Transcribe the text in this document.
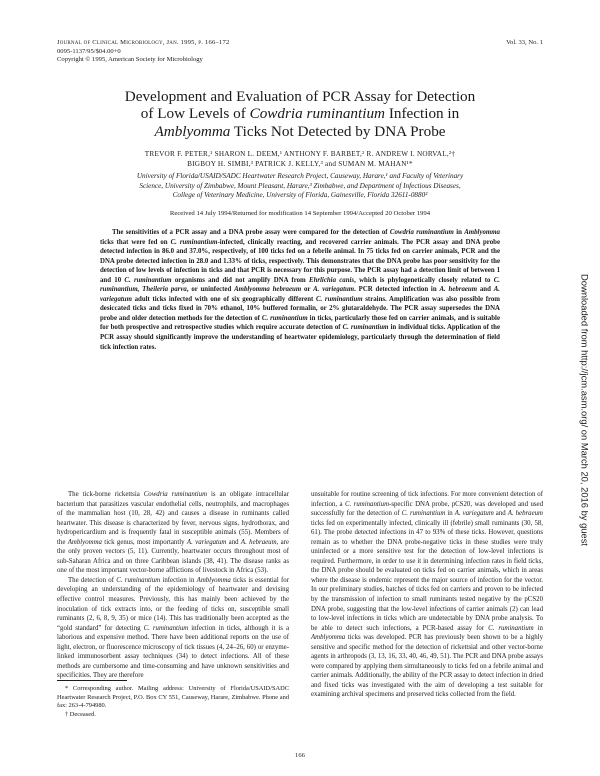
Journal of Clinical Microbiology, Jan. 1995, p. 166–172
0095-1137/95/$04.00+0
Copyright © 1995, American Society for Microbiology
Vol. 33, No. 1
Development and Evaluation of PCR Assay for Detection
of Low Levels of Cowdria ruminantium Infection in
Amblyomma Ticks Not Detected by DNA Probe
TREVOR F. PETER,¹ SHARON L. DEEM,¹ ANTHONY F. BARBET,² R. ANDREW I. NORVAL,²†
BIGBOY H. SIMBI,³ PATRICK J. KELLY,³ and SUMAN M. MAHAN¹*
University of Florida/USAID/SADC Heartwater Research Project, Causeway, Harare,¹ and Faculty of Veterinary
Science, University of Zimbabwe, Mount Pleasant, Harare,³ Zimbabwe, and Department of Infectious Diseases,
College of Veterinary Medicine, University of Florida, Gainesville, Florida 32611-0880²
Received 14 July 1994/Returned for modification 14 September 1994/Accepted 20 October 1994

The sensitivities of a PCR assay and a DNA probe assay were compared for the detection of Cowdria ruminantium in Amblyomma ticks that were fed on C. ruminantium-infected, clinically reacting, and recovered carrier animals. The PCR assay and DNA probe detected infection in 86.0 and 37.0%, respectively, of 100 ticks fed on a febrile animal. In 75 ticks fed on carrier animals, PCR and the DNA probe detected infection in 28.0 and 1.33% of ticks, respectively. This demonstrates that the DNA probe has poor sensitivity for the detection of low levels of infection in ticks and that PCR is necessary for this purpose. The PCR assay had a detection limit of between 1 and 10 C. ruminantium organisms and did not amplify DNA from Ehrlichia canis, which is phylogenetically closely related to C. ruminantium, Theileria parva, or uninfected Amblyomma hebraeum or A. variegatum. PCR detected infection in A. hebraeum and A. variegatum adult ticks infected with one of six geographically different C. ruminantium strains. Amplification was also possible from desiccated ticks and ticks fixed in 70% ethanol, 10% buffered formalin, or 2% glutaraldehyde. The PCR assay supersedes the DNA probe and older detection methods for the detection of C. ruminantium in ticks, particularly those fed on carrier animals, and is suitable for both prospective and retrospective studies which require accurate detection of C. ruminantium in individual ticks. Application of the PCR assay should significantly improve the understanding of heartwater epidemiology, particularly through the determination of field tick infection rates.

The tick-borne rickettsia Cowdria ruminantium is an obligate intracellular bacterium that parasitizes vascular endothelial cells, neutrophils, and macrophages of the mammalian host (10, 28, 42) and causes a disease in ruminants called heartwater. This disease is characterized by fever, nervous signs, hydrothorax, and hydropericardium and is frequently fatal in susceptible animals (55). Members of the Amblyomma tick genus, most importantly A. variegatum and A. hebraeum, are the only proven vectors (5, 11). Currently, heartwater occurs throughout most of sub-Saharan Africa and on three Caribbean islands (38, 41). The disease ranks as one of the most important vector-borne afflictions of livestock in Africa (53).

The detection of C. ruminantium infection in Amblyomma ticks is essential for developing an understanding of the epidemiology of heartwater and devising effective control measures. Previously, this has mainly been achieved by the inoculation of tick extracts into, or the feeding of ticks on, susceptible small ruminants (2, 6, 8, 9, 35) or mice (14). This has traditionally been accepted as the “gold standard” for detecting C. ruminantium infection in ticks, although it is a laborious and expensive method. There have been additional reports on the use of light, electron, or fluorescence microscopy of tick tissues (4, 24–26, 60) or enzyme-linked immunosorbent assay techniques (34) to detect infections. All of these methods are cumbersome and time-consuming and have unknown sensitivities and specificities. They are therefore

unsuitable for routine screening of tick infections. For more convenient detection of infection, a C. ruminantium-specific DNA probe, pCS20, was developed and used successfully for the detection of C. ruminantium in A. variegatum and A. hebraeum ticks fed on experimentally infected, clinically ill (febrile) small ruminants (30, 58, 61). The probe detected infections in 47 to 93% of these ticks. However, questions remain as to whether the DNA probe-negative ticks in these studies were truly uninfected or a more sensitive test for the detection of low-level infections is required. Furthermore, in order to use it in determining infection rates in field ticks, the DNA probe should be evaluated on ticks fed on carrier animals, which in areas where the disease is endemic represent the major source of infection for the vector. In our preliminary studies, batches of ticks fed on carriers and proven to be infected by the transmission of infection to small ruminants tested negative by the pCS20 DNA probe, suggesting that the low-level infections of carrier animals (2) can lead to low-level infections in ticks which are undetectable by DNA probe analysis. To be able to detect such infections, a PCR-based assay for C. ruminantium in Amblyomma ticks was developed. PCR has previously been shown to be a highly sensitive and specific method for the detection of rickettsial and other vector-borne agents in arthropods (3, 13, 16, 33, 40, 46, 49, 51). The PCR and DNA probe assays were compared by applying them simultaneously to ticks fed on a febrile animal and carrier animals. Additionally, the ability of the PCR assay to detect infection in dried and fixed ticks was investigated with the aim of developing a test suitable for examining archival specimens and preserved ticks collected from the field.

* Corresponding author. Mailing address: University of Florida/USAID/SADC Heartwater Research Project, P.O. Box CY 551, Causeway, Harare, Zimbabwe. Phone and fax: 263-4-794980.

† Deceased.

166
Downloaded from http://jcm.asm.org/ on March 20, 2016 by guest
